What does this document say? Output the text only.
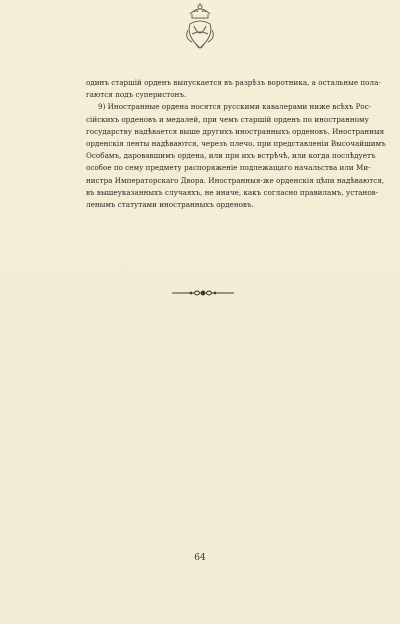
одинъ старшій орденъ выпускается въ разрѣзъ воротника, а остальные пола-
гаются подъ суперистонъ.

9) Иностранные ордена носятся русскими кавалерами ниже всѣхъ Рос-
сійскихъ орденовъ и медалей, при чемъ старшій орденъ по иностранному
государству надѣвается выше другихъ иностранныхъ орденовъ. Иностранныя
орденскія ленты надѣваются, черезъ плечо, при представленіи Высочайшимъ
Особамъ, даровавшимъ ордена, или при ихъ встрѣчѣ, или когда послѣдуетъ
особое по сему предмету распоряженіе подлежащаго начальства или Ми-
нистра Императорскаго Двора. Иностранныя-же орденскія цѣпи надѣваются,
въ вышеуказанныхъ случаяхъ, не иначе, какъ согласно правиламъ, установ-
ленымъ статутами иностранныхъ орденовъ.

64
